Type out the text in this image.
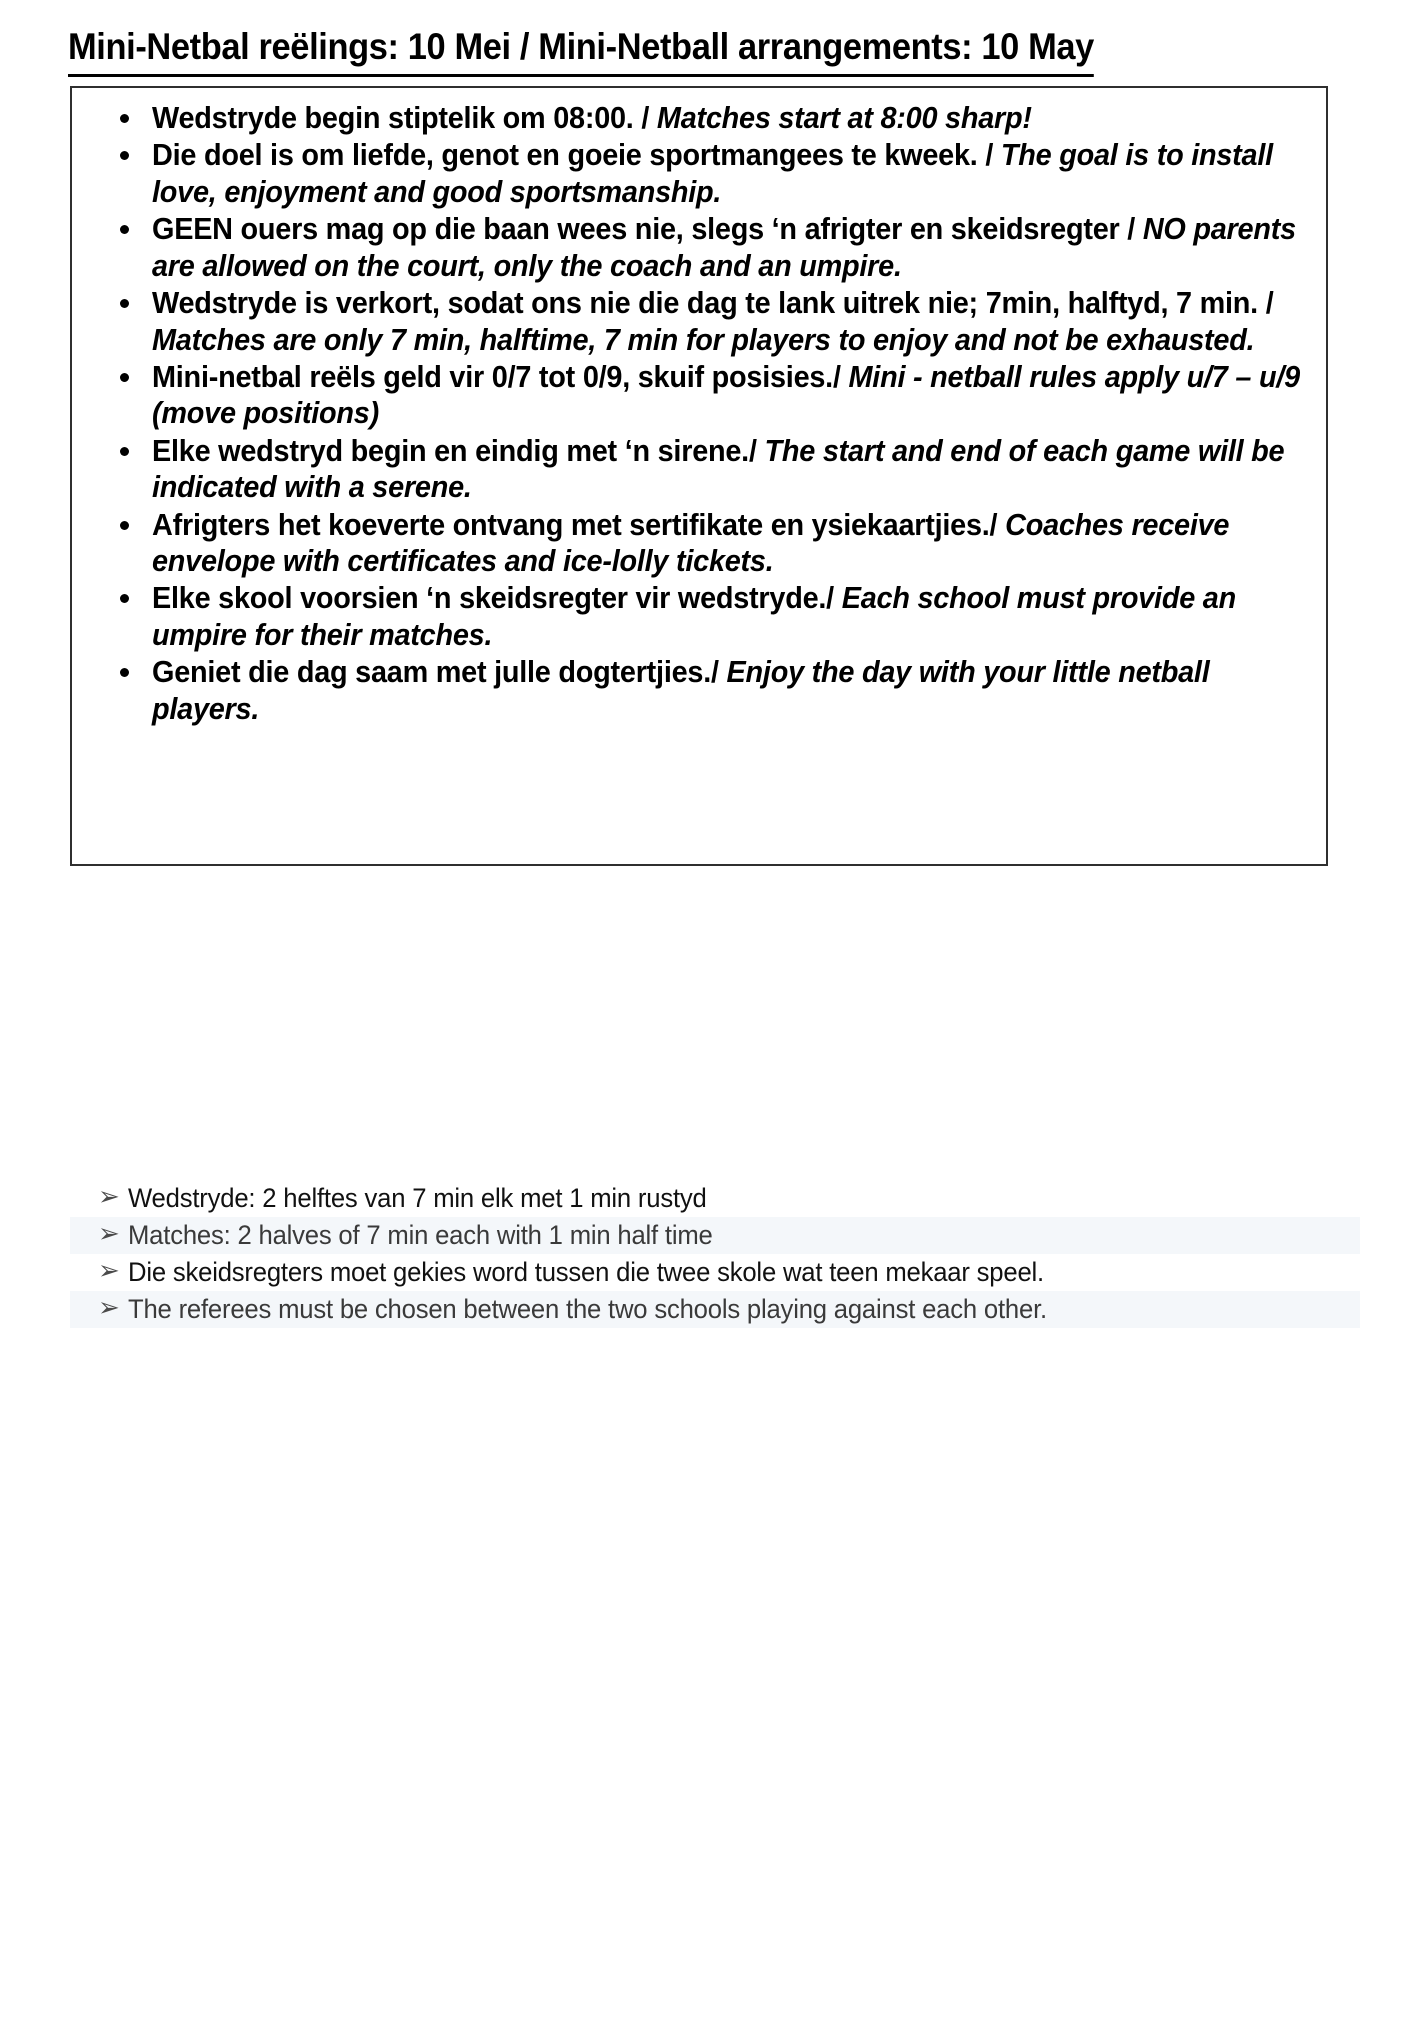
Mini-Netbal reëlings: 10 Mei / Mini-Netball arrangements: 10 May
Wedstryde begin stiptelik om 08:00. / Matches start at 8:00 sharp!
Die doel is om liefde, genot en goeie sportmangees te kweek. / The goal is to install love, enjoyment and good sportsmanship.
GEEN ouers mag op die baan wees nie, slegs ‘n afrigter en skeidsregter / NO parents are allowed on the court, only the coach and an umpire.
Wedstryde is verkort, sodat ons nie die dag te lank uitrek nie; 7min, halftyd, 7 min. / Matches are only 7 min, halftime, 7 min for players to enjoy and not be exhausted.
Mini-netbal reëls geld vir 0/7 tot 0/9, skuif posisies./ Mini - netball rules apply u/7 – u/9 (move positions)
Elke wedstryd begin en eindig met ‘n sirene./ The start and end of each game will be indicated with a serene.
Afrigters het koeverte ontvang met sertifikate en ysiekaartjies./ Coaches receive envelope with certificates and ice-lolly tickets.
Elke skool voorsien ‘n skeidsregter vir wedstryde./ Each school must provide an umpire for their matches.
Geniet die dag saam met julle dogtertjies./ Enjoy the day with your little netball players.
➢ Wedstryde: 2 helftes van 7 min elk met 1 min rustyd
➢ Matches: 2 halves of 7 min each with 1 min half time
➢ Die skeidsregters moet gekies word tussen die twee skole wat teen mekaar speel.
➢ The referees must be chosen between the two schools playing against each other.
